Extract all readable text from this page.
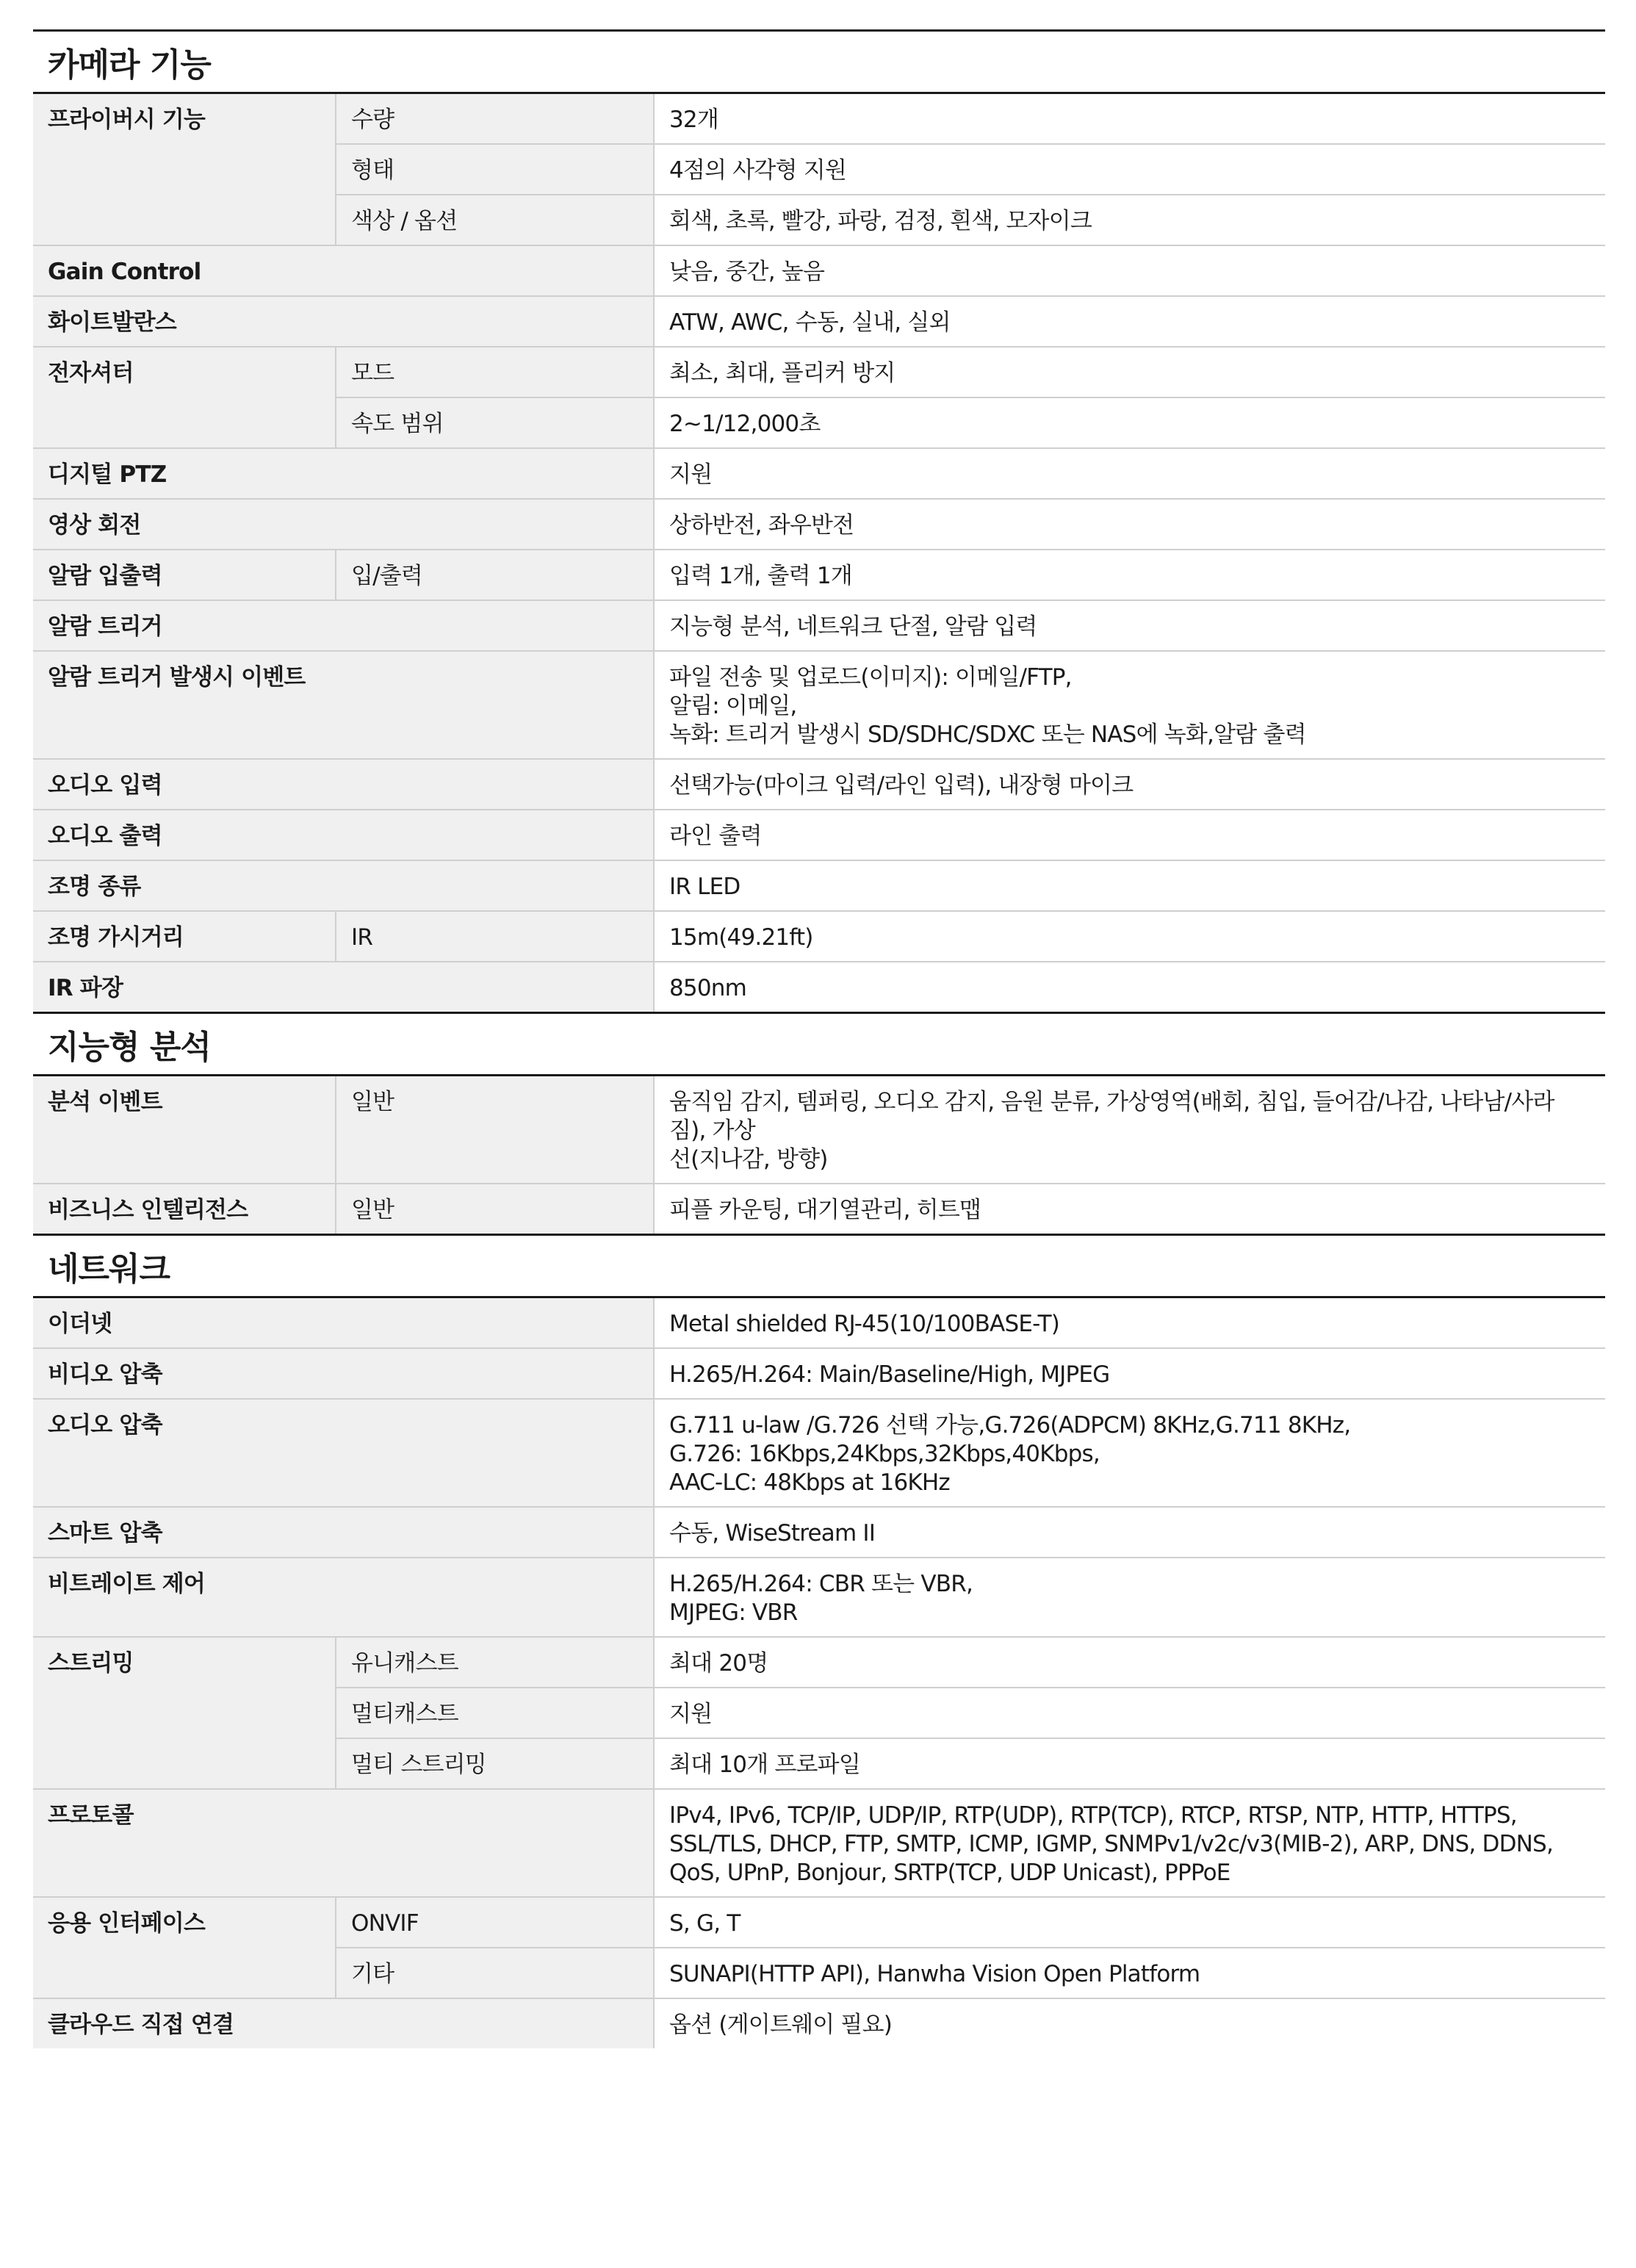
카메라 기능
프라이버시 기능	수량	32개
형태	4점의 사각형 지원
색상 / 옵션	회색, 초록, 빨강, 파랑, 검정, 흰색, 모자이크
Gain Control	낮음, 중간, 높음
화이트발란스	ATW, AWC, 수동, 실내, 실외
전자셔터	모드	최소, 최대, 플리커 방지
속도 범위	2~1/12,000초
디지털 PTZ	지원
영상 회전	상하반전, 좌우반전
알람 입출력	입/출력	입력 1개, 출력 1개
알람 트리거	지능형 분석, 네트워크 단절, 알람 입력
알람 트리거 발생시 이벤트	파일 전송 및 업로드(이미지): 이메일/FTP,
알림: 이메일,
녹화: 트리거 발생시 SD/SDHC/SDXC 또는 NAS에 녹화,알람 출력
오디오 입력	선택가능(마이크 입력/라인 입력), 내장형 마이크
오디오 출력	라인 출력
조명 종류	IR LED
조명 가시거리	IR	15m(49.21ft)
IR 파장	850nm
지능형 분석
분석 이벤트	일반	움직임 감지, 템퍼링, 오디오 감지, 음원 분류, 가상영역(배회, 침입, 들어감/나감, 나타남/사라짐), 가상
선(지나감, 방향)
비즈니스 인텔리전스	일반	피플 카운팅, 대기열관리, 히트맵
네트워크
이더넷	Metal shielded RJ-45(10/100BASE-T)
비디오 압축	H.265/H.264: Main/Baseline/High, MJPEG
오디오 압축	G.711 u-law /G.726 선택 가능,G.726(ADPCM) 8KHz,G.711 8KHz,
G.726: 16Kbps,24Kbps,32Kbps,40Kbps,
AAC-LC: 48Kbps at 16KHz
스마트 압축	수동, WiseStream II
비트레이트 제어	H.265/H.264: CBR 또는 VBR,
MJPEG: VBR
스트리밍	유니캐스트	최대 20명
멀티캐스트	지원
멀티 스트리밍	최대 10개 프로파일
프로토콜	IPv4, IPv6, TCP/IP, UDP/IP, RTP(UDP), RTP(TCP), RTCP, RTSP, NTP, HTTP, HTTPS,
SSL/TLS, DHCP, FTP, SMTP, ICMP, IGMP, SNMPv1/v2c/v3(MIB-2), ARP, DNS, DDNS,
QoS, UPnP, Bonjour, SRTP(TCP, UDP Unicast), PPPoE
응용 인터페이스	ONVIF	S, G, T
기타	SUNAPI(HTTP API), Hanwha Vision Open Platform
클라우드 직접 연결	옵션 (게이트웨이 필요)
